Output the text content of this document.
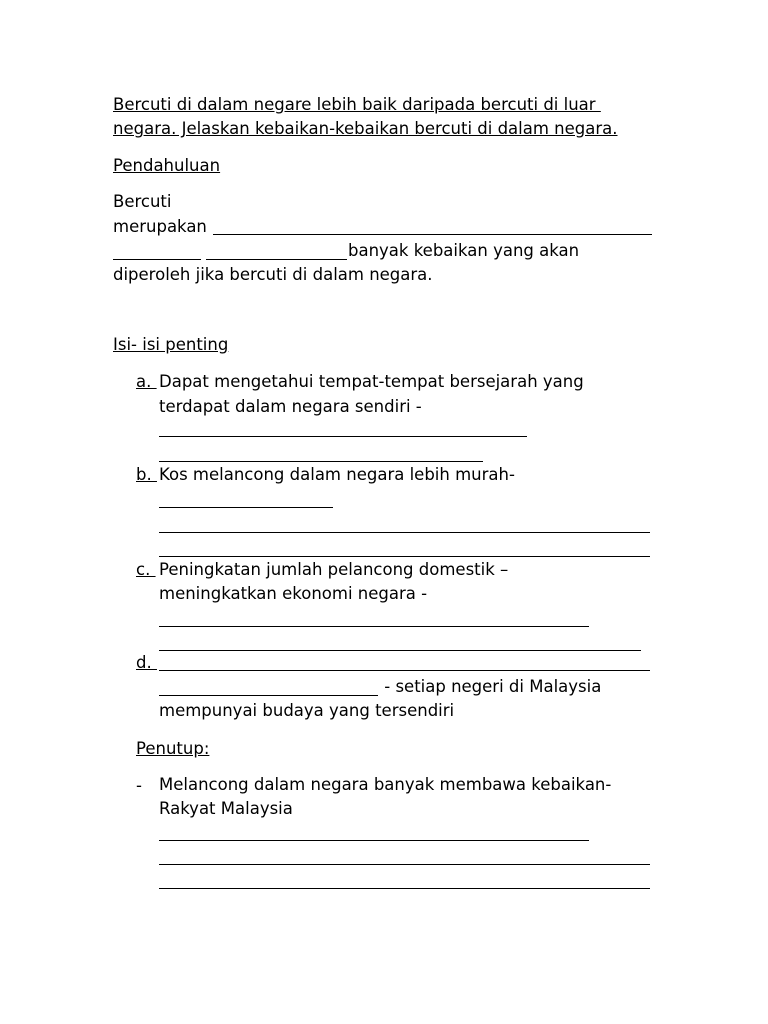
Bercuti di dalam negare lebih baik daripada bercuti di luar

negara. Jelaskan kebaikan-kebaikan bercuti di dalam negara.

Pendahuluan

Bercuti

merupakan

banyak kebaikan yang akan

diperoleh jika bercuti di dalam negara.

Isi- isi penting

a. Dapat mengetahui tempat-tempat bersejarah yang

terdapat dalam negara sendiri -

b. Kos melancong dalam negara lebih murah-

c. Peningkatan jumlah pelancong domestik –

meningkatkan ekonomi negara -

d.

- setiap negeri di Malaysia

mempunyai budaya yang tersendiri

Penutup:

- Melancong dalam negara banyak membawa kebaikan-

Rakyat Malaysia
